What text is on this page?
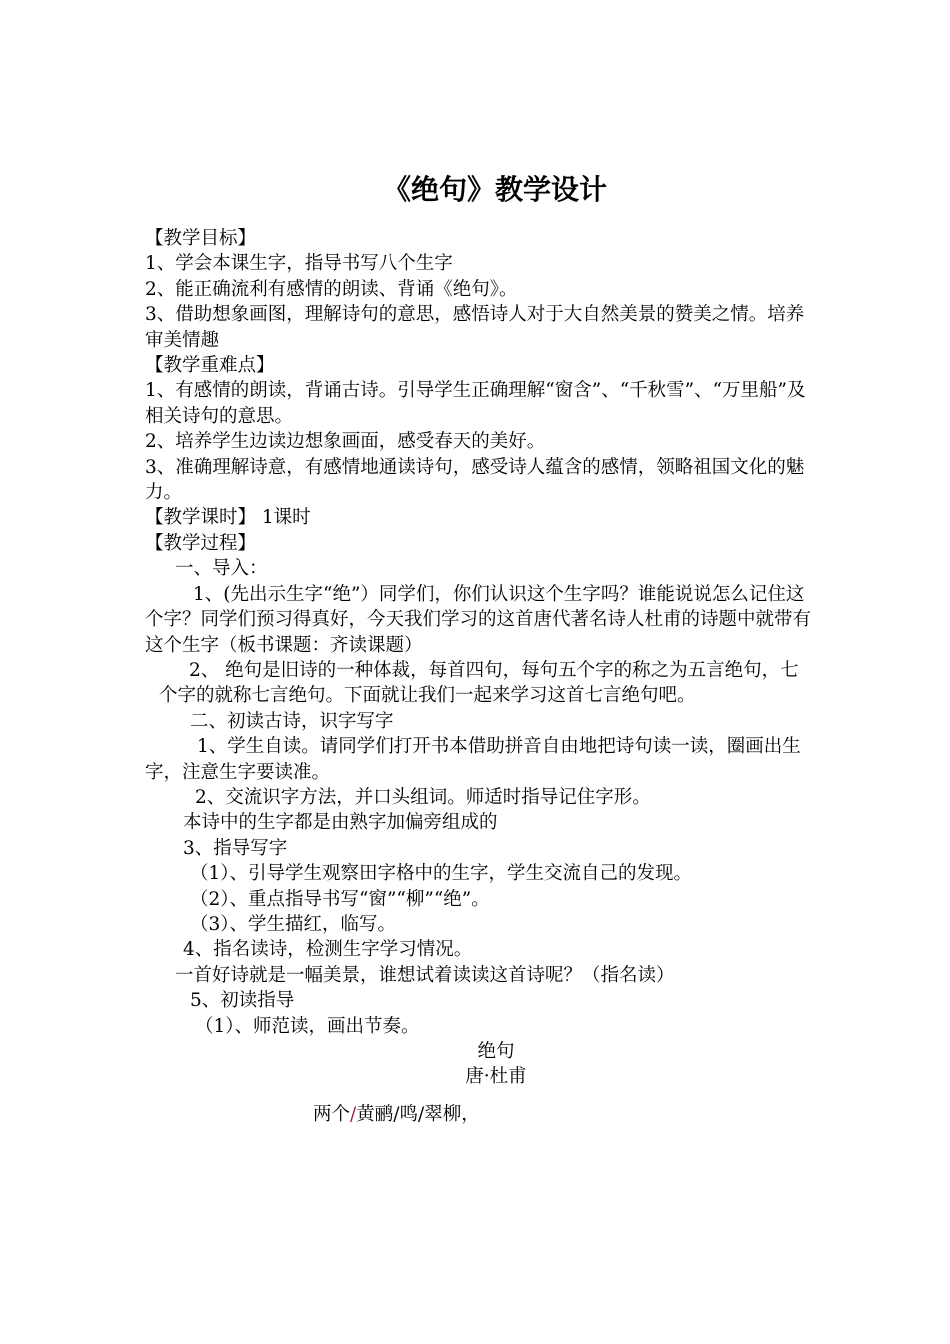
《绝句》教学设计

【教学目标】

1、学会本课生字，指导书写八个生字

2、能正确流利有感情的朗读、背诵《绝句》。

3、借助想象画图，理解诗句的意思，感悟诗人对于大自然美景的赞美之情。培养审美情趣

【教学重难点】

1、有感情的朗读，背诵古诗。引导学生正确理解“窗含”、“千秋雪”、“万里船”及相关诗句的意思。

2、培养学生边读边想象画面，感受春天的美好。

3、准确理解诗意，有感情地通读诗句，感受诗人蕴含的感情，领略祖国文化的魅力。

【教学课时】 1课时

【教学过程】

一、导入：

1、(先出示生字“绝”）同学们，你们认识这个生字吗？谁能说说怎么记住这个字？同学们预习得真好，今天我们学习的这首唐代著名诗人杜甫的诗题中就带有这个生字（板书课题：齐读课题）

2、 绝句是旧诗的一种体裁，每首四句，每句五个字的称之为五言绝句，七个字的就称七言绝句。下面就让我们一起来学习这首七言绝句吧。

二、初读古诗，识字写字

1、学生自读。请同学们打开书本借助拼音自由地把诗句读一读，圈画出生字，注意生字要读准。

2、交流识字方法，并口头组词。师适时指导记住字形。

本诗中的生字都是由熟字加偏旁组成的

3、指导写字

（1）、引导学生观察田字格中的生字，学生交流自己的发现。

（2）、重点指导书写“窗”“柳”“绝”。

（3）、学生描红，临写。

4、指名读诗，检测生字学习情况。

一首好诗就是一幅美景，谁想试着读读这首诗呢？（指名读）

5、初读指导

（1）、师范读，画出节奏。

绝句

唐·杜甫

两个/黄鹂/鸣/翠柳，
